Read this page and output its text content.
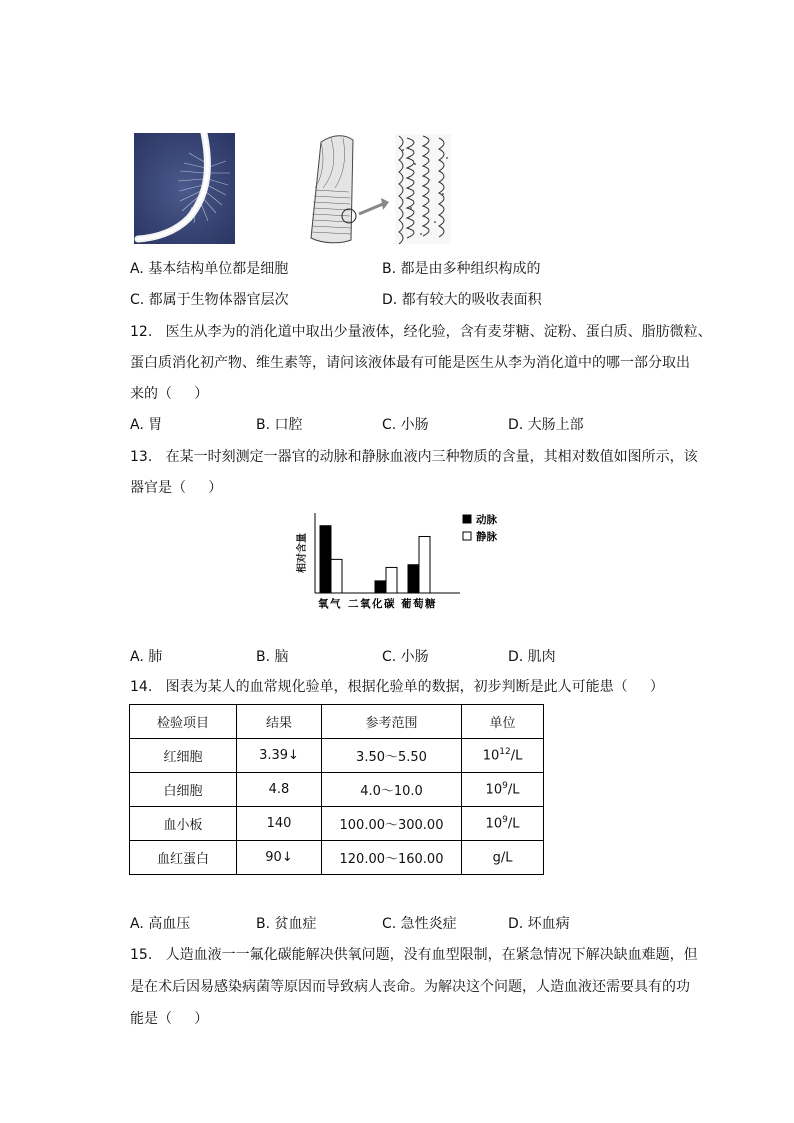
A. 基本结构单位都是细胞	B. 都是由多种组织构成的
C. 都属于生物体器官层次	D. 都有较大的吸收表面积
12.   医生从李为的消化道中取出少量液体，经化验，含有麦芽糖、淀粉、蛋白质、脂肪微粒、
蛋白质消化初产物、维生素等，请问该液体最有可能是医生从李为消化道中的哪一部分取出
来的（     ）
A. 胃	B. 口腔	C. 小肠	D. 大肠上部
13.   在某一时刻测定一器官的动脉和静脉血液内三种物质的含量，其相对数值如图所示，该
器官是（     ）
相对含量
氧气 二氧化碳 葡萄糖
动脉
静脉
A. 肺	B. 脑	C. 小肠	D. 肌肉
14.   图表为某人的血常规化验单，根据化验单的数据，初步判断是此人可能患（     ）
检验项目	结果	参考范围	单位
红细胞	3.39↓	3.50～5.50	$10^{12}/L$
白细胞	4.8	4.0～10.0	$10^9/L$
血小板	140	100.00～300.00	$10^9/L$
血红蛋白	90↓	120.00～160.00	g/L
A. 高血压	B. 贫血症	C. 急性炎症	D. 坏血病
15.   人造血液一一氟化碳能解决供氧问题，没有血型限制，在紧急情况下解决缺血难题，但
是在术后因易感染病菌等原因而导致病人丧命。为解决这个问题，人造血液还需要具有的功
能是（     ）
